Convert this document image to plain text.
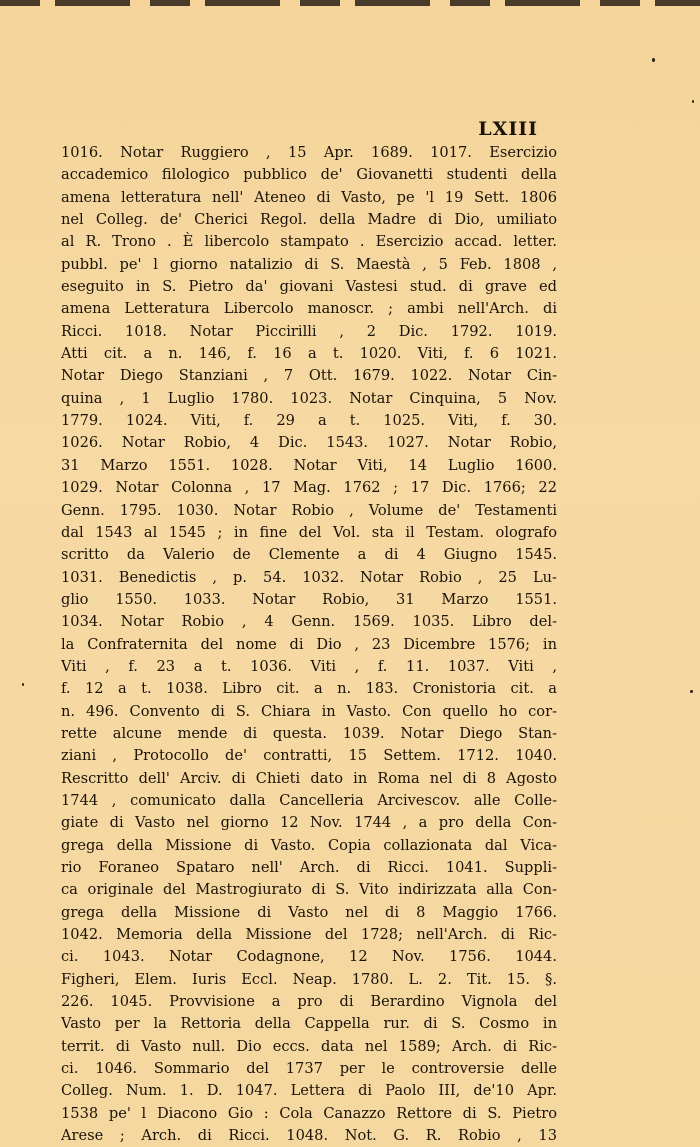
LXIII
1016. Notar Ruggiero , 15 Apr. 1689. 1017. Esercizio
accademico filologico pubblico de' Giovanetti studenti della
amena letteratura nell' Ateneo di Vasto, pe 'l 19 Sett. 1806
nel Colleg. de' Cherici Regol. della Madre di Dio, umiliato
al R. Trono . È libercolo stampato . Esercizio accad. letter.
pubbl. pe' l giorno natalizio di S. Maestà , 5 Feb. 1808 ,
eseguito in S. Pietro da' giovani Vastesi stud. di grave ed
amena Letteratura Libercolo manoscr. ; ambi nell'Arch. di
Ricci. 1018. Notar Piccirilli , 2 Dic. 1792. 1019.
Atti cit. a n. 146, f. 16 a t. 1020. Viti, f. 6 1021.
Notar Diego Stanziani , 7 Ott. 1679. 1022. Notar Cin-
quina , 1 Luglio 1780. 1023. Notar Cinquina, 5 Nov.
1779. 1024. Viti, f. 29 a t. 1025. Viti, f. 30.
1026. Notar Robio, 4 Dic. 1543. 1027. Notar Robio,
31 Marzo 1551. 1028. Notar Viti, 14 Luglio 1600.
1029. Notar Colonna , 17 Mag. 1762 ; 17 Dic. 1766; 22
Genn. 1795. 1030. Notar Robio , Volume de' Testamenti
dal 1543 al 1545 ; in fine del Vol. sta il Testam. olografo
scritto da Valerio de Clemente a di 4 Giugno 1545.
1031. Benedictis , p. 54. 1032. Notar Robio , 25 Lu-
glio 1550. 1033. Notar Robio, 31 Marzo 1551.
1034. Notar Robio , 4 Genn. 1569. 1035. Libro del-
la Confraternita del nome di Dio , 23 Dicembre 1576; in
Viti , f. 23 a t. 1036. Viti , f. 11. 1037. Viti ,
f. 12 a t. 1038. Libro cit. a n. 183. Cronistoria cit. a
n. 496. Convento di S. Chiara in Vasto. Con quello ho cor-
rette alcune mende di questa. 1039. Notar Diego Stan-
ziani , Protocollo de' contratti, 15 Settem. 1712. 1040.
Rescritto dell' Arciv. di Chieti dato in Roma nel di 8 Agosto
1744 , comunicato dalla Cancelleria Arcivescov. alle Colle-
giate di Vasto nel giorno 12 Nov. 1744 , a pro della Con-
grega della Missione di Vasto. Copia collazionata dal Vica-
rio Foraneo Spataro nell' Arch. di Ricci. 1041. Suppli-
ca originale del Mastrogiurato di S. Vito indirizzata alla Con-
grega della Missione di Vasto nel di 8 Maggio 1766.
1042. Memoria della Missione del 1728; nell'Arch. di Ric-
ci. 1043. Notar Codagnone, 12 Nov. 1756. 1044.
Figheri, Elem. Iuris Eccl. Neap. 1780. L. 2. Tit. 15. §.
226. 1045. Provvisione a pro di Berardino Vignola del
Vasto per la Rettoria della Cappella rur. di S. Cosmo in
territ. di Vasto null. Dio eccs. data nel 1589; Arch. di Ric-
ci. 1046. Sommario del 1737 per le controversie delle
Colleg. Num. 1. D. 1047. Lettera di Paolo III, de'10 Apr.
1538 pe' l Diacono Gio : Cola Canazzo Rettore di S. Pietro
Arese ; Arch. di Ricci. 1048. Not. G. R. Robio , 13
